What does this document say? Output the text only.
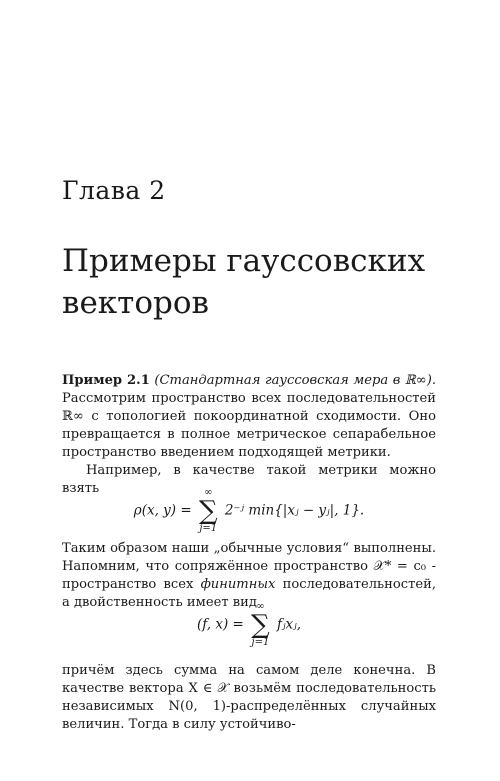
Глава 2
Примеры гауссовских векторов

Пример 2.1 (Стандартная гауссовская мера в ℝ∞). Рассмотрим пространство всех последовательностей ℝ∞ с топологией покоординатной сходимости. Оно превращается в полное метрическое сепарабельное пространство введением подходящей метрики.

Например, в качестве такой метрики можно взять

ρ(x, y) =
∞
∑
j=1
2⁻ʲ min{|xⱼ − yⱼ|, 1}.

Таким образом наши „обычные условия“ выполнены. Напомним, что сопряжённое пространство 𝒳* = c₀ - пространство всех финитных последовательностей, а двойственность имеет вид

(f, x) =
∞
∑
j=1
fⱼxⱼ,

причём здесь сумма на самом деле конечна. В качестве вектора X ∈ 𝒳 возьмём последовательность независимых N(0, 1)-распределённых случайных величин. Тогда в силу устойчиво-
